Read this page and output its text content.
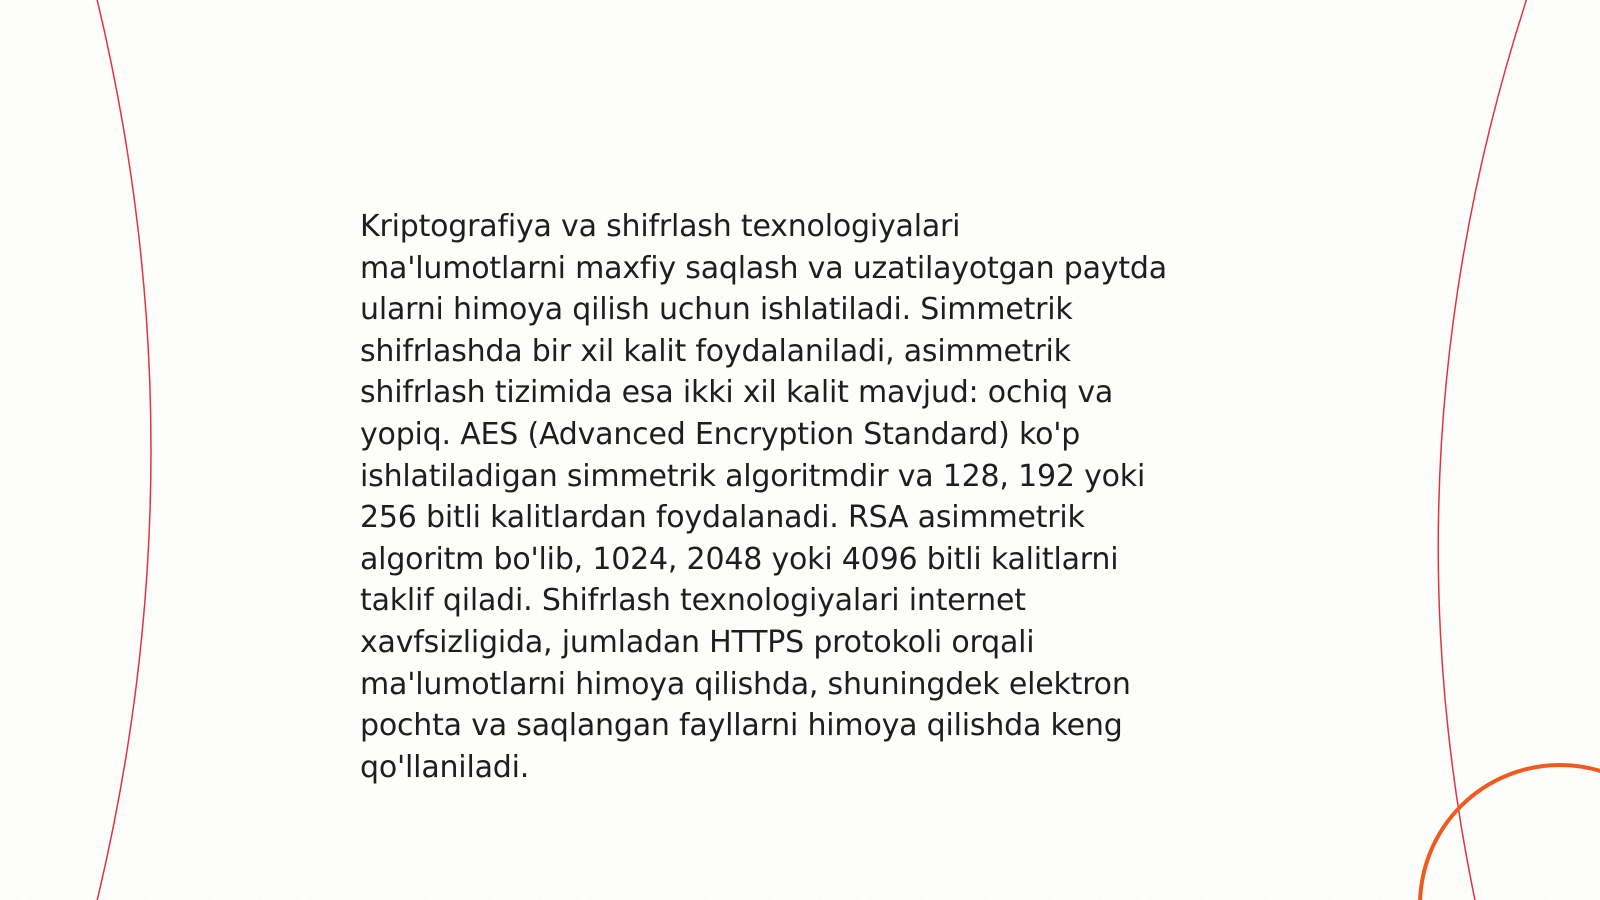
Kriptografiya va shifrlash texnologiyalari
ma'lumotlarni maxfiy saqlash va uzatilayotgan paytda
ularni himoya qilish uchun ishlatiladi. Simmetrik
shifrlashda bir xil kalit foydalaniladi, asimmetrik
shifrlash tizimida esa ikki xil kalit mavjud: ochiq va
yopiq. AES (Advanced Encryption Standard) ko'p
ishlatiladigan simmetrik algoritmdir va 128, 192 yoki
256 bitli kalitlardan foydalanadi. RSA asimmetrik
algoritm bo'lib, 1024, 2048 yoki 4096 bitli kalitlarni
taklif qiladi. Shifrlash texnologiyalari internet
xavfsizligida, jumladan HTTPS protokoli orqali
ma'lumotlarni himoya qilishda, shuningdek elektron
pochta va saqlangan fayllarni himoya qilishda keng
qo'llaniladi.
